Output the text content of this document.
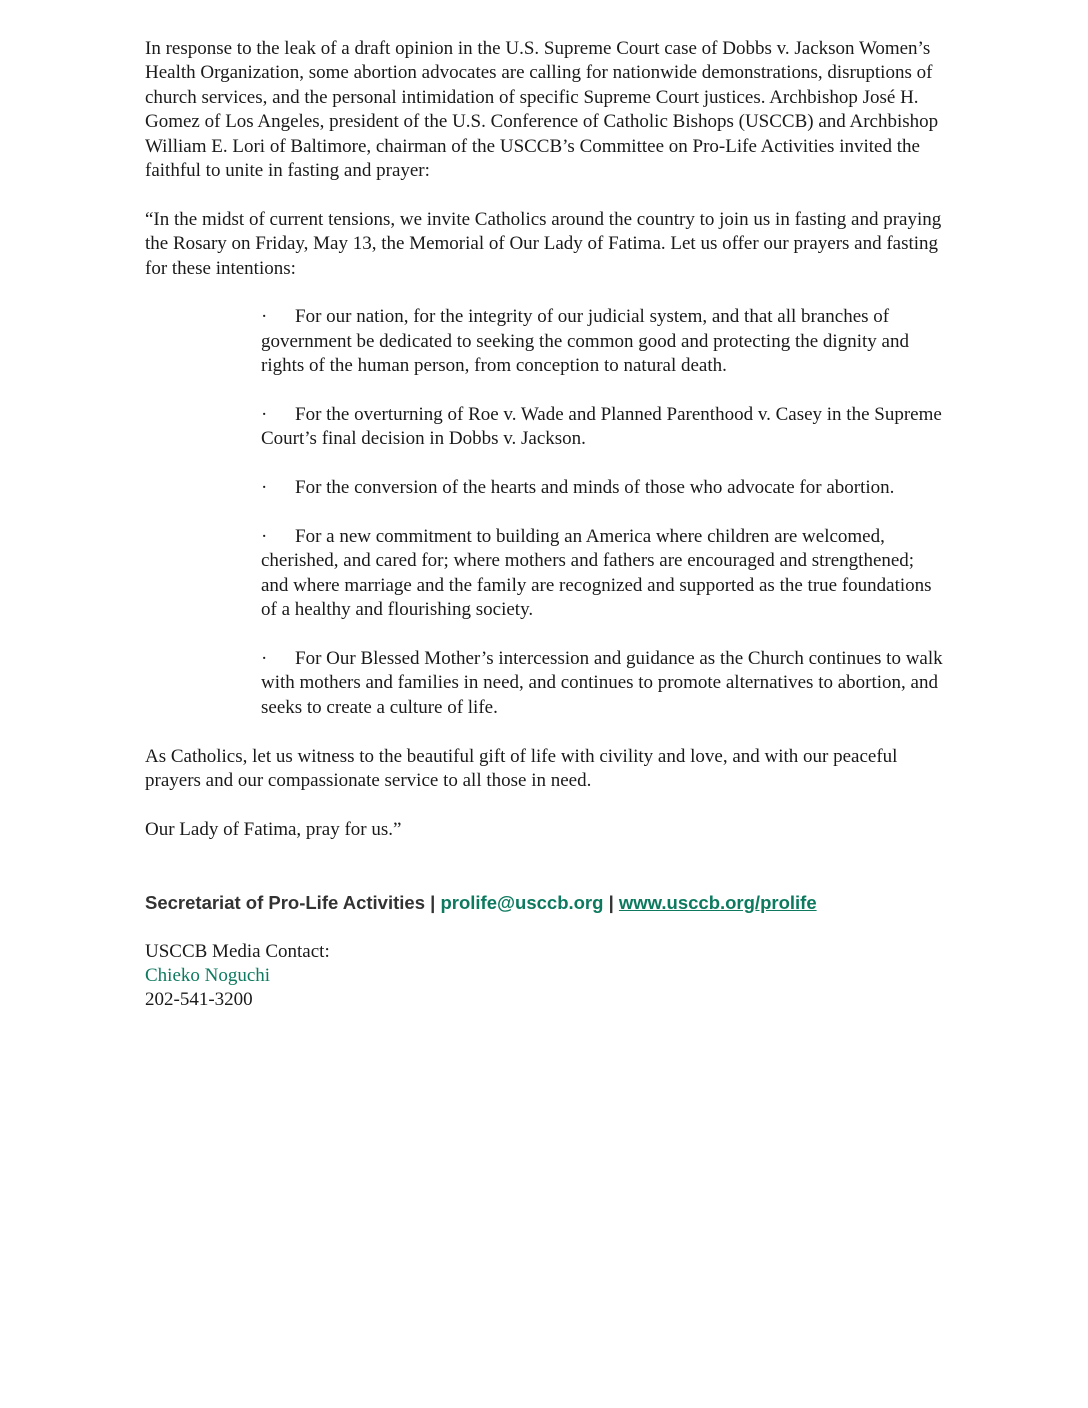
In response to the leak of a draft opinion in the U.S. Supreme Court case of Dobbs v. Jackson Women’s Health Organization, some abortion advocates are calling for nationwide demonstrations, disruptions of church services, and the personal intimidation of specific Supreme Court justices. Archbishop José H. Gomez of Los Angeles, president of the U.S. Conference of Catholic Bishops (USCCB) and Archbishop William E. Lori of Baltimore, chairman of the USCCB’s Committee on Pro-Life Activities invited the faithful to unite in fasting and prayer:

“In the midst of current tensions, we invite Catholics around the country to join us in fasting and praying the Rosary on Friday, May 13, the Memorial of Our Lady of Fatima. Let us offer our prayers and fasting for these intentions:

· For our nation, for the integrity of our judicial system, and that all branches of government be dedicated to seeking the common good and protecting the dignity and rights of the human person, from conception to natural death.

· For the overturning of Roe v. Wade and Planned Parenthood v. Casey in the Supreme Court’s final decision in Dobbs v. Jackson.

· For the conversion of the hearts and minds of those who advocate for abortion.

· For a new commitment to building an America where children are welcomed, cherished, and cared for; where mothers and fathers are encouraged and strengthened; and where marriage and the family are recognized and supported as the true foundations of a healthy and flourishing society.

· For Our Blessed Mother’s intercession and guidance as the Church continues to walk with mothers and families in need, and continues to promote alternatives to abortion, and seeks to create a culture of life.

As Catholics, let us witness to the beautiful gift of life with civility and love, and with our peaceful prayers and our compassionate service to all those in need.

Our Lady of Fatima, pray for us.”

Secretariat of Pro-Life Activities | prolife@usccb.org | www.usccb.org/prolife

USCCB Media Contact:

Chieko Noguchi

202-541-3200
